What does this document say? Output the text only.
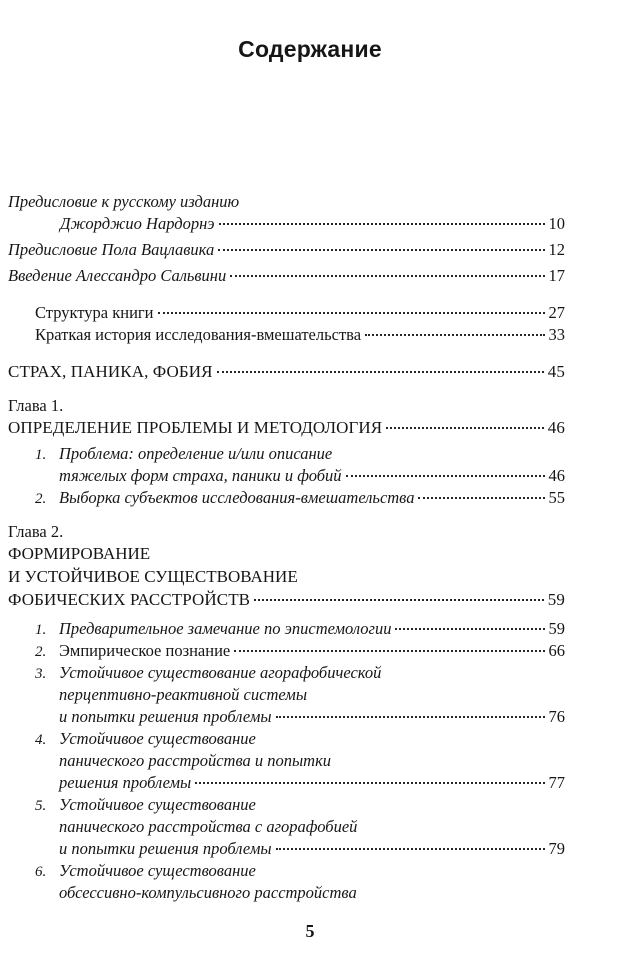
Содержание
Предисловие к русскому изданию
Джорджио Нардорнэ	10
Предисловие Пола Вацлавика	12
Введение Алессандро Сальвини	17
Структура книги	27
Краткая история исследования-вмешательства	33
СТРАХ, ПАНИКА, ФОБИЯ	45
Глава 1.
ОПРЕДЕЛЕНИЕ ПРОБЛЕМЫ И МЕТОДОЛОГИЯ	46
1. Проблема: определение и/или описание
тяжелых форм страха, паники и фобий	46
2. Выборка субъектов исследования-вмешательства	55
Глава 2.
ФОРМИРОВАНИЕ
И УСТОЙЧИВОЕ СУЩЕСТВОВАНИЕ
ФОБИЧЕСКИХ РАССТРОЙСТВ	59
1. Предварительное замечание по эпистемологии	59
2. Эмпирическое познание	66
3. Устойчивое существование агорафобической
перцептивно-реактивной системы
и попытки решения проблемы	76
4. Устойчивое существование
панического расстройства и попытки
решения проблемы	77
5. Устойчивое существование
панического расстройства с агорафобией
и попытки решения проблемы	79
6. Устойчивое существование
обсессивно-компульсивного расстройства
5
